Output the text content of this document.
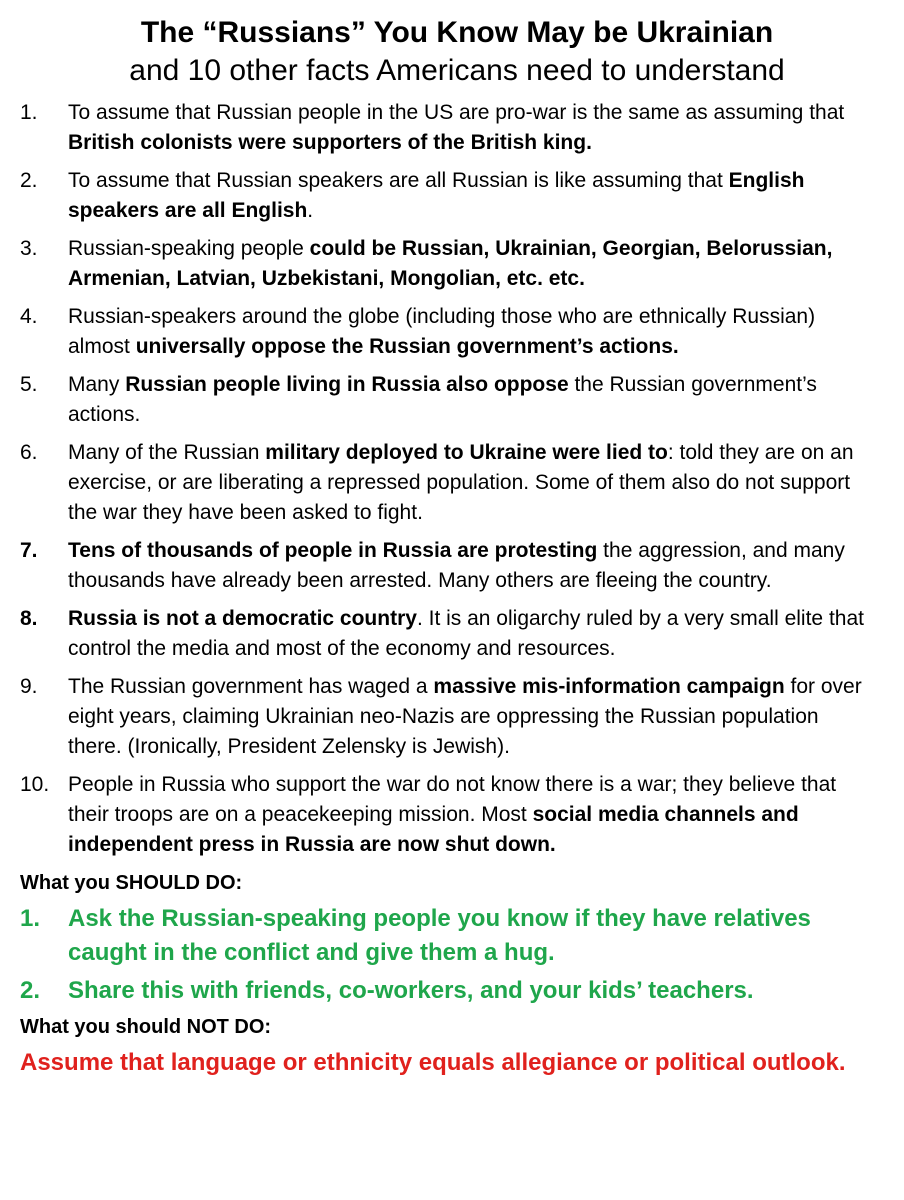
The “Russians” You Know May be Ukrainian
and 10 other facts Americans need to understand
1.	To assume that Russian people in the US are pro-war is the same as assuming that British colonists were supporters of the British king.
2.	To assume that Russian speakers are all Russian is like assuming that English speakers are all English.
3.	Russian-speaking people could be Russian, Ukrainian, Georgian, Belorussian, Armenian, Latvian, Uzbekistani, Mongolian, etc. etc.
4.	Russian-speakers around the globe (including those who are ethnically Russian) almost universally oppose the Russian government’s actions.
5.	Many Russian people living in Russia also oppose the Russian government’s actions.
6.	Many of the Russian military deployed to Ukraine were lied to: told they are on an exercise, or are liberating a repressed population. Some of them also do not support the war they have been asked to fight.
7.	Tens of thousands of people in Russia are protesting the aggression, and many thousands have already been arrested. Many others are fleeing the country.
8.	Russia is not a democratic country. It is an oligarchy ruled by a very small elite that control the media and most of the economy and resources.
9.	The Russian government has waged a massive mis-information campaign for over eight years, claiming Ukrainian neo-Nazis are oppressing the Russian population there. (Ironically, President Zelensky is Jewish).
10. People in Russia who support the war do not know there is a war; they believe that their troops are on a peacekeeping mission. Most social media channels and independent press in Russia are now shut down.
What you SHOULD DO:
1.	Ask the Russian-speaking people you know if they have relatives caught in the conflict and give them a hug.
2.	Share this with friends, co-workers, and your kids’ teachers.
What you should NOT DO:
Assume that language or ethnicity equals allegiance or political outlook.
